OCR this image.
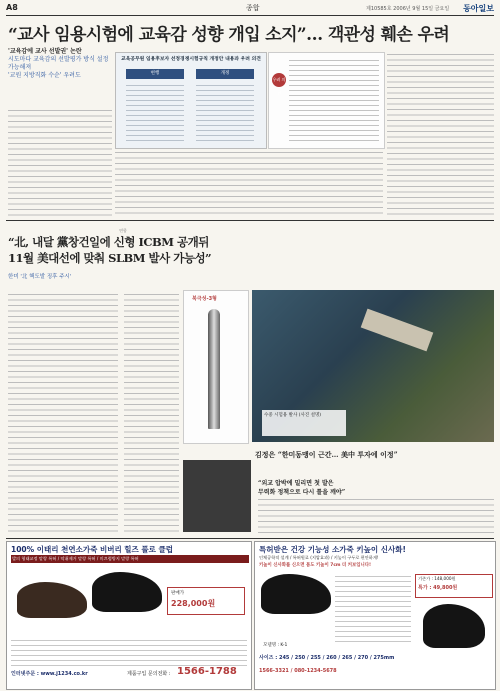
A8	종합	제10585호 2006년 9월 15일 금요일 동아일보
“교사 임용시험에 교육감 성향 개입 소지”… 객관성 훼손 우려
'교육감에 교사 선발권' 논란
시도마다 교육감의 선발평가 방식 설정 가능해져
'교원 지방직화 수순' 우려도
교육공무원 임용후보자 선정경쟁시험규칙 개정안 내용과 우려 의견
현행	개정
우려 의견
연합
“北, 내달 黨창건일에 신형 ICBM 공개뒤
11월 美대선에 맞춰 SLBM 발사 가능성”
한미 '北 핵도발 징후 주시'
북극성-3형
수중 시험용 발사 (사진 설명)
김정은 “한미동맹이 근간… 美中 투자에 이정”
“외교 압박에 밀리면 첫 발은
무력화 정책으로 다시 틀을 깨야”
100% 이태리 천연소가죽 비버리 힐즈 풀로 클럽
발의 형태교정 말랑 특허 / 악취제거 말랑 특허 / 미끄럼방지 말랑 특허
판매가
228,000원
인터넷주문 : www.j1234.co.kr	제품구입 문의전화 : 1566-1788
특허받은 건강 기능성 소가죽 키높이 신사화!
인체공학적 설계 / 특허원료 (지압효과) / 키높이 구두로 편안하게!
키높이 신사화를 신으면 몸도 키높이 7cm 더 커보입니다!
기존가 : 148,000원
특가 : 49,800원
모델명 : K-1
사이즈 : 245 / 250 / 255 / 260 / 265 / 270 / 275mm
1566-3321 / 080-1234-5678
